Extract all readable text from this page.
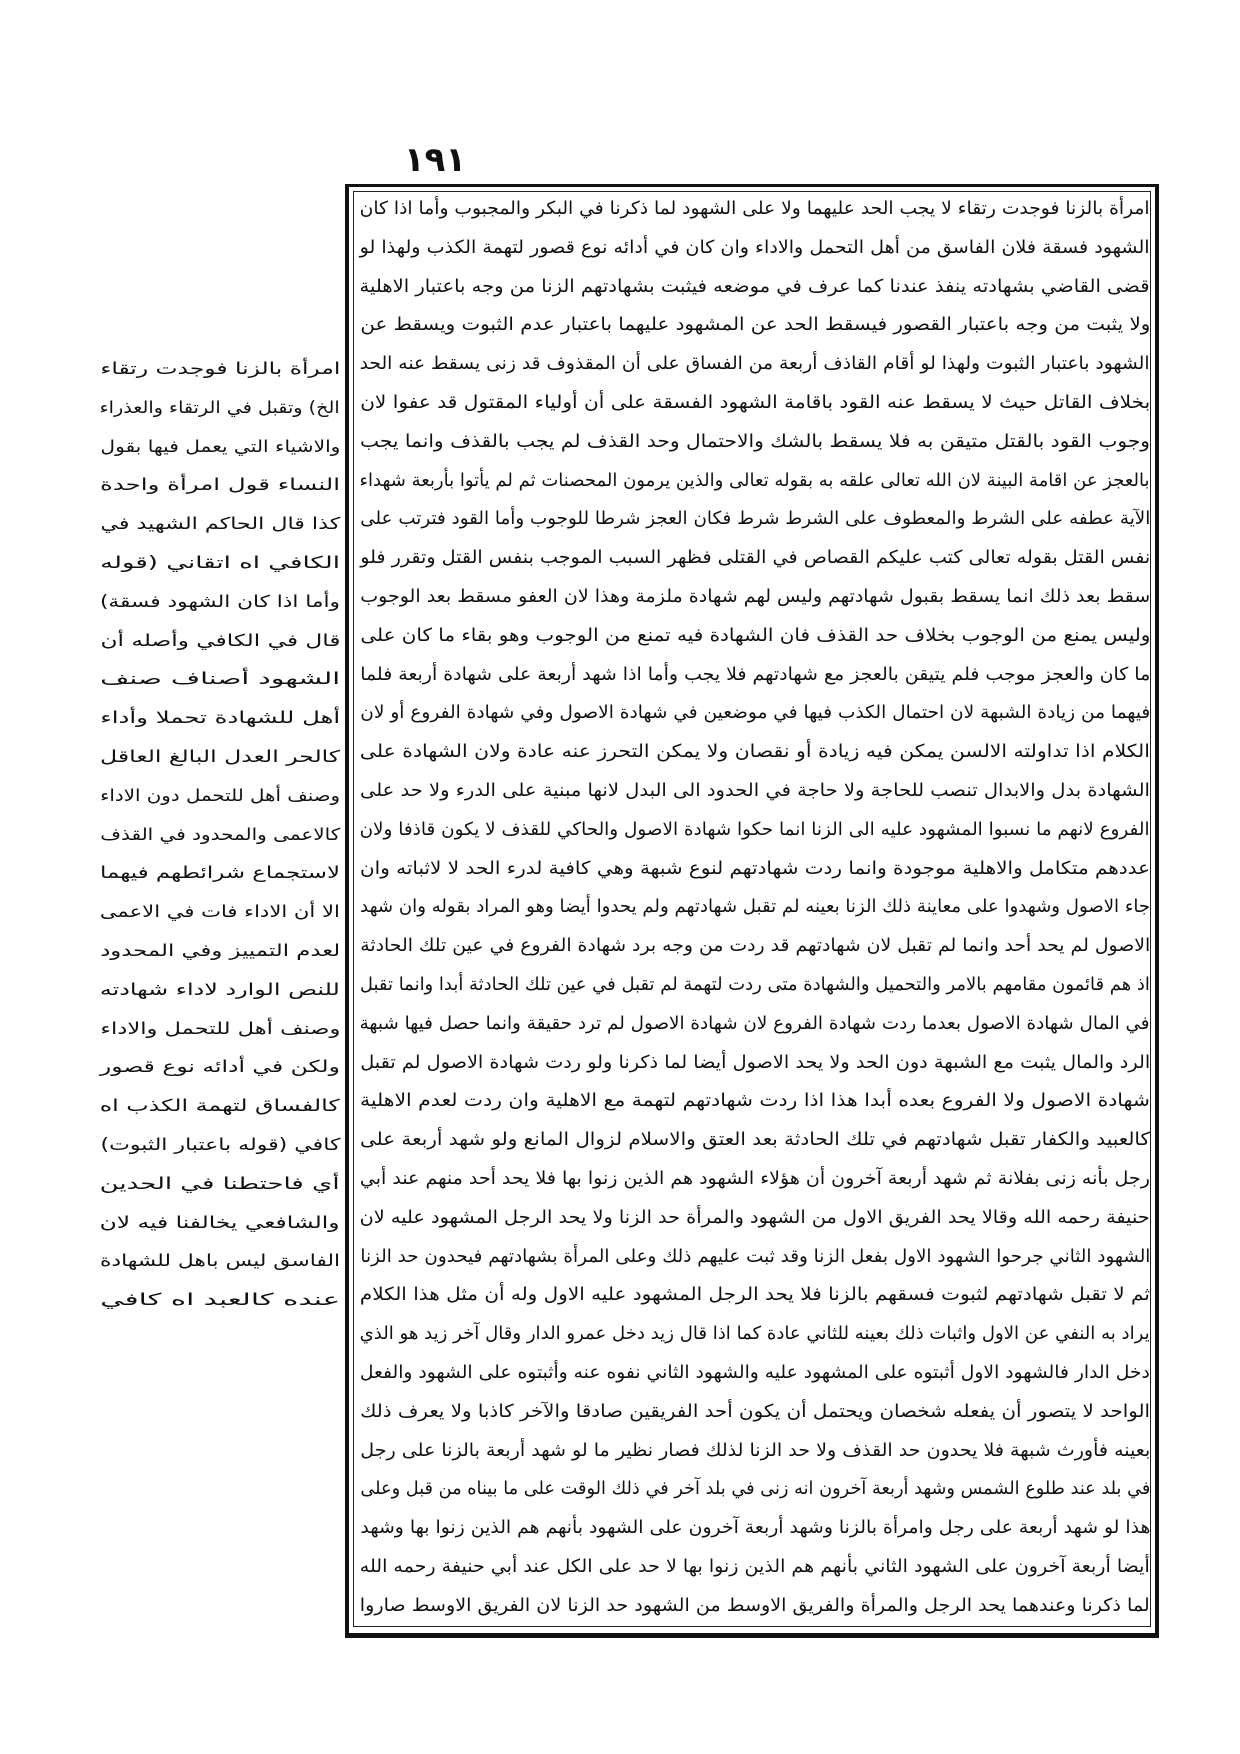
١٩١
امرأة بالزنا فوجدت رتقاء لا يجب الحد عليهما ولا على الشهود لما ذكرنا في البكر والمجبوب وأما اذا كان
الشهود فسقة فلان الفاسق من أهل التحمل والاداء وان كان في أدائه نوع قصور لتهمة الكذب ولهذا لو
قضى القاضي بشهادته ينفذ عندنا كما عرف في موضعه فيثبت بشهادتهم الزنا من وجه باعتبار الاهلية
ولا يثبت من وجه باعتبار القصور فيسقط الحد عن المشهود عليهما باعتبار عدم الثبوت ويسقط عن
الشهود باعتبار الثبوت ولهذا لو أقام القاذف أربعة من الفساق على أن المقذوف قد زنى يسقط عنه الحد
بخلاف القاتل حيث لا يسقط عنه القود باقامة الشهود الفسقة على أن أولياء المقتول قد عفوا لان
وجوب القود بالقتل متيقن به فلا يسقط بالشك والاحتمال وحد القذف لم يجب بالقذف وانما يجب
بالعجز عن اقامة البينة لان الله تعالى علقه به بقوله تعالى والذين يرمون المحصنات ثم لم يأتوا بأربعة شهداء
الآية عطفه على الشرط والمعطوف على الشرط شرط فكان العجز شرطا للوجوب وأما القود فترتب على
نفس القتل بقوله تعالى كتب عليكم القصاص في القتلى فظهر السبب الموجب بنفس القتل وتقرر فلو
سقط بعد ذلك انما يسقط بقبول شهادتهم وليس لهم شهادة ملزمة وهذا لان العفو مسقط بعد الوجوب
وليس يمنع من الوجوب بخلاف حد القذف فان الشهادة فيه تمنع من الوجوب وهو بقاء ما كان على
ما كان والعجز موجب فلم يتيقن بالعجز مع شهادتهم فلا يجب وأما اذا شهد أربعة على شهادة أربعة فلما
فيهما من زيادة الشبهة لان احتمال الكذب فيها في موضعين في شهادة الاصول وفي شهادة الفروع أو لان
الكلام اذا تداولته الالسن يمكن فيه زيادة أو نقصان ولا يمكن التحرز عنه عادة ولان الشهادة على
الشهادة بدل والابدال تنصب للحاجة ولا حاجة في الحدود الى البدل لانها مبنية على الدرء ولا حد على
الفروع لانهم ما نسبوا المشهود عليه الى الزنا انما حكوا شهادة الاصول والحاكي للقذف لا يكون قاذفا ولان
عددهم متكامل والاهلية موجودة وانما ردت شهادتهم لنوع شبهة وهي كافية لدرء الحد لا لاثباته وان
جاء الاصول وشهدوا على معاينة ذلك الزنا بعينه لم تقبل شهادتهم ولم يحدوا أيضا وهو المراد بقوله وان شهد
الاصول لم يحد أحد وانما لم تقبل لان شهادتهم قد ردت من وجه برد شهادة الفروع في عين تلك الحادثة
اذ هم قائمون مقامهم بالامر والتحميل والشهادة متى ردت لتهمة لم تقبل في عين تلك الحادثة أبدا وانما تقبل
في المال شهادة الاصول بعدما ردت شهادة الفروع لان شهادة الاصول لم ترد حقيقة وانما حصل فيها شبهة
الرد والمال يثبت مع الشبهة دون الحد ولا يحد الاصول أيضا لما ذكرنا ولو ردت شهادة الاصول لم تقبل
شهادة الاصول ولا الفروع بعده أبدا هذا اذا ردت شهادتهم لتهمة مع الاهلية وان ردت لعدم الاهلية
كالعبيد والكفار تقبل شهادتهم في تلك الحادثة بعد العتق والاسلام لزوال المانع ولو شهد أربعة على
رجل بأنه زنى بفلانة ثم شهد أربعة آخرون أن هؤلاء الشهود هم الذين زنوا بها فلا يحد أحد منهم عند أبي
حنيفة رحمه الله وقالا يحد الفريق الاول من الشهود والمرأة حد الزنا ولا يحد الرجل المشهود عليه لان
الشهود الثاني جرحوا الشهود الاول بفعل الزنا وقد ثبت عليهم ذلك وعلى المرأة بشهادتهم فيحدون حد الزنا
ثم لا تقبل شهادتهم لثبوت فسقهم بالزنا فلا يحد الرجل المشهود عليه الاول وله أن مثل هذا الكلام
يراد به النفي عن الاول واثبات ذلك بعينه للثاني عادة كما اذا قال زيد دخل عمرو الدار وقال آخر زيد هو الذي
دخل الدار فالشهود الاول أثبتوه على المشهود عليه والشهود الثاني نفوه عنه وأثبتوه على الشهود والفعل
الواحد لا يتصور أن يفعله شخصان ويحتمل أن يكون أحد الفريقين صادقا والآخر كاذبا ولا يعرف ذلك
بعينه فأورث شبهة فلا يحدون حد القذف ولا حد الزنا لذلك فصار نظير ما لو شهد أربعة بالزنا على رجل
في بلد عند طلوع الشمس وشهد أربعة آخرون انه زنى في بلد آخر في ذلك الوقت على ما بيناه من قبل وعلى
هذا لو شهد أربعة على رجل وامرأة بالزنا وشهد أربعة آخرون على الشهود بأنهم هم الذين زنوا بها وشهد
أيضا أربعة آخرون على الشهود الثاني بأنهم هم الذين زنوا بها لا حد على الكل عند أبي حنيفة رحمه الله
لما ذكرنا وعندهما يحد الرجل والمرأة والفريق الاوسط من الشهود حد الزنا لان الفريق الاوسط صاروا
امرأة بالزنا فوجدت رتقاء
الخ) وتقبل في الرتقاء والعذراء
والاشياء التي يعمل فيها بقول
النساء قول امرأة واحدة
كذا قال الحاكم الشهيد في
الكافي اه اتقاني (قوله
وأما اذا كان الشهود فسقة)
قال في الكافي وأصله أن
الشهود أصناف صنف
أهل للشهادة تحملا وأداء
كالحر العدل البالغ العاقل
وصنف أهل للتحمل دون الاداء
كالاعمى والمحدود في القذف
لاستجماع شرائطهم فيهما
الا أن الاداء فات في الاعمى
لعدم التمييز وفي المحدود
للنص الوارد لاداء شهادته
وصنف أهل للتحمل والاداء
ولكن في أدائه نوع قصور
كالفساق لتهمة الكذب اه
كافي (قوله باعتبار الثبوت)
أي فاحتطنا في الحدين
والشافعي يخالفنا فيه لان
الفاسق ليس باهل للشهادة
عنده كالعبد اه كافي
